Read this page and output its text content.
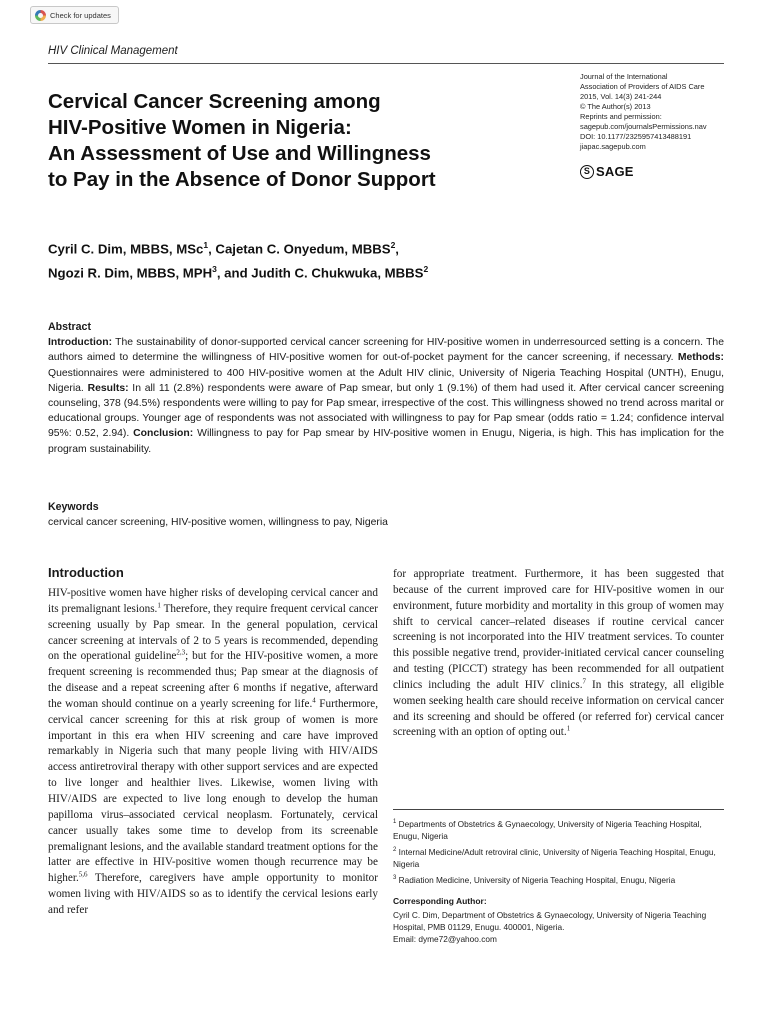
Check for updates
HIV Clinical Management
Cervical Cancer Screening among
HIV-Positive Women in Nigeria:
An Assessment of Use and Willingness
to Pay in the Absence of Donor Support
Journal of the International
Association of Providers of AIDS Care
2015, Vol. 14(3) 241-244
© The Author(s) 2013
Reprints and permission:
sagepub.com/journalsPermissions.nav
DOI: 10.1177/2325957413488191
jiapac.sagepub.com
S SAGE
Cyril C. Dim, MBBS, MSc$^1$, Cajetan C. Onyedum, MBBS$^2$,
Ngozi R. Dim, MBBS, MPH$^3$, and Judith C. Chukwuka, MBBS$^2$
Abstract

Introduction: The sustainability of donor-supported cervical cancer screening for HIV-positive women in underresourced setting is a concern. The authors aimed to determine the willingness of HIV-positive women for out-of-pocket payment for the cancer screening, if necessary. Methods: Questionnaires were administered to 400 HIV-positive women at the Adult HIV clinic, University of Nigeria Teaching Hospital (UNTH), Enugu, Nigeria. Results: In all 11 (2.8%) respondents were aware of Pap smear, but only 1 (9.1%) of them had used it. After cervical cancer screening counseling, 378 (94.5%) respondents were willing to pay for Pap smear, irrespective of the cost. This willingness showed no trend across marital or educational groups. Younger age of respondents was not associated with willingness to pay for Pap smear (odds ratio = 1.24; confidence interval 95%: 0.52, 2.94). Conclusion: Willingness to pay for Pap smear by HIV-positive women in Enugu, Nigeria, is high. This has implication for the program sustainability.

Keywords
cervical cancer screening, HIV-positive women, willingness to pay, Nigeria
Introduction
HIV-positive women have higher risks of developing cervical cancer and its premalignant lesions.$^1$ Therefore, they require frequent cervical cancer screening usually by Pap smear. In the general population, cervical cancer screening at intervals of 2 to 5 years is recommended, depending on the operational guideline$^{2,3}$; but for the HIV-positive women, a more frequent screening is recommended thus; Pap smear at the diagnosis of the disease and a repeat screening after 6 months if negative, afterward the woman should continue on a yearly screening for life.$^4$ Furthermore, cervical cancer screening for this at risk group of women is more important in this era when HIV screening and care have improved remarkably in Nigeria such that many people living with HIV/AIDS access antiretroviral therapy with other support services and are expected to live longer and healthier lives. Likewise, women living with HIV/AIDS are expected to live long enough to develop the human papilloma virus–associated cervical neoplasm. Fortunately, cervical cancer usually takes some time to develop from its screenable premalignant lesions, and the available standard treatment options for the latter are effective in HIV-positive women though recurrence may be higher.$^{5,6}$ Therefore, caregivers have ample opportunity to monitor women living with HIV/AIDS so as to identify the cervical lesions early and refer
for appropriate treatment. Furthermore, it has been suggested that because of the current improved care for HIV-positive women in our environment, future morbidity and mortality in this group of women may shift to cervical cancer–related diseases if routine cervical cancer screening is not incorporated into the HIV treatment services. To counter this possible negative trend, provider-initiated cervical cancer counseling and testing (PICCT) strategy has been recommended for all outpatient clinics including the adult HIV clinics.$^7$ In this strategy, all eligible women seeking health care should receive information on cervical cancer and its screening and should be offered (or referred for) cervical cancer screening with an option of opting out.$^1$
$^1$ Departments of Obstetrics & Gynaecology, University of Nigeria Teaching Hospital, Enugu, Nigeria
$^2$ Internal Medicine/Adult retroviral clinic, University of Nigeria Teaching Hospital, Enugu, Nigeria
$^3$ Radiation Medicine, University of Nigeria Teaching Hospital, Enugu, Nigeria
Corresponding Author:
Cyril C. Dim, Department of Obstetrics & Gynaecology, University of Nigeria Teaching Hospital, PMB 01129, Enugu. 400001, Nigeria.
Email: dyme72@yahoo.com
